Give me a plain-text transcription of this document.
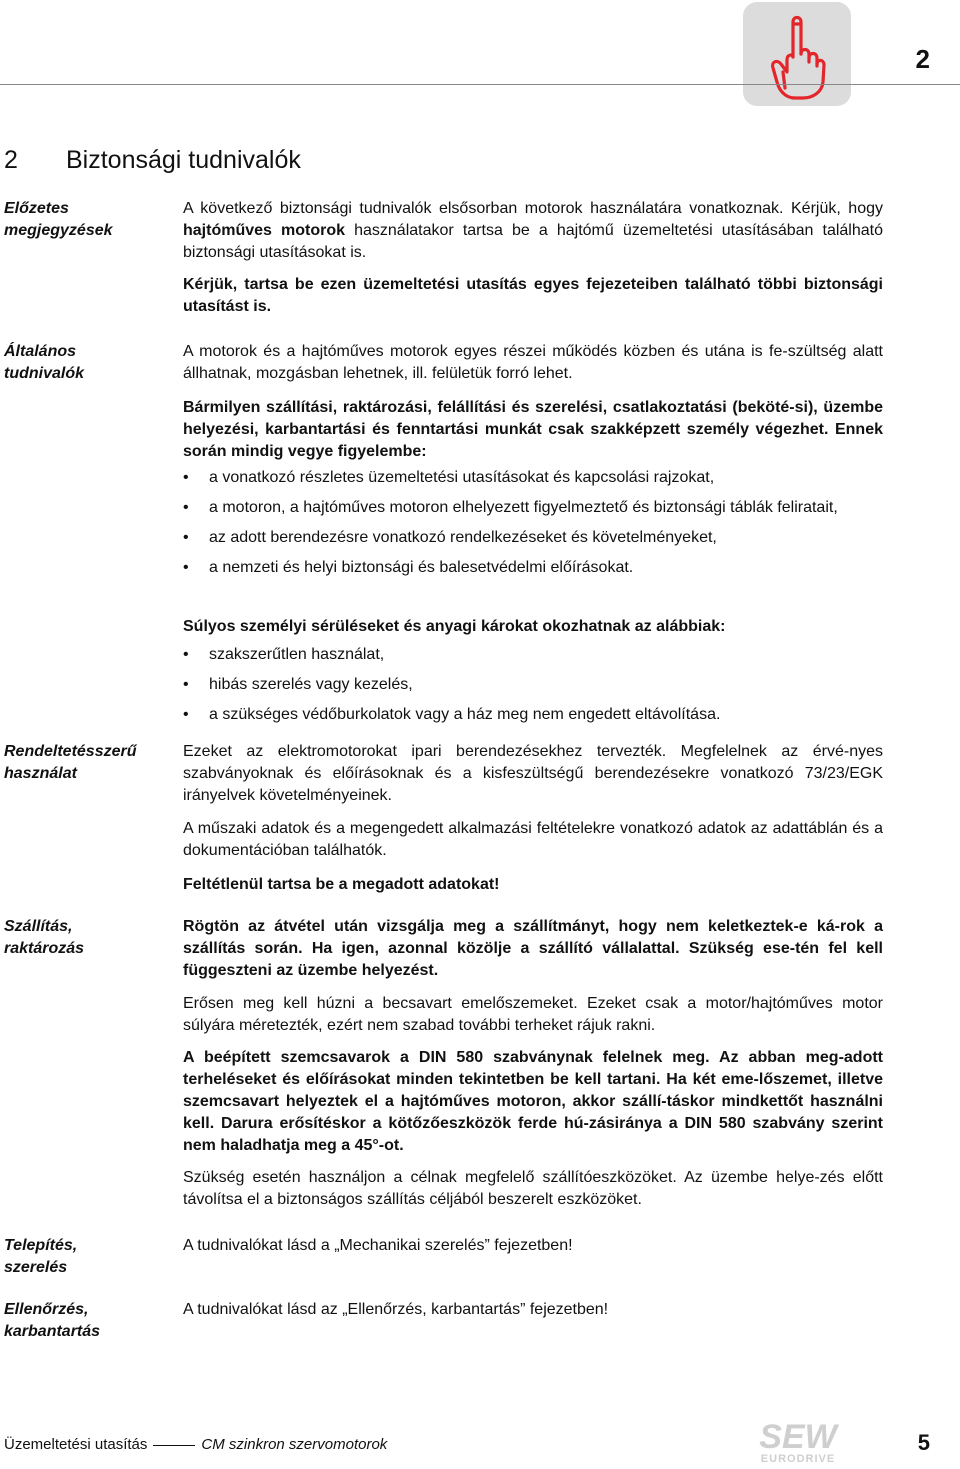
2
2 Biztonsági tudnivalók
Előzetes megjegyzések
A következő biztonsági tudnivalók elsősorban motorok használatára vonatkoznak. Kérjük, hogy hajtóműves motorok használatakor tartsa be a hajtómű üzemeltetési utasításában található biztonsági utasításokat is.
Kérjük, tartsa be ezen üzemeltetési utasítás egyes fejezeteiben található többi biztonsági utasítást is.
Általános tudnivalók
A motorok és a hajtóműves motorok egyes részei működés közben és utána is fe-szültség alatt állhatnak, mozgásban lehetnek, ill. felületük forró lehet.
Bármilyen szállítási, raktározási, felállítási és szerelési, csatlakoztatási (beköté-si), üzembe helyezési, karbantartási és fenntartási munkát csak szakképzett személy végezhet. Ennek során mindig vegye figyelembe:
• a vonatkozó részletes üzemeltetési utasításokat és kapcsolási rajzokat,
• a motoron, a hajtóműves motoron elhelyezett figyelmeztető és biztonsági táblák feliratait,
• az adott berendezésre vonatkozó rendelkezéseket és követelményeket,
• a nemzeti és helyi biztonsági és balesetvédelmi előírásokat.
Súlyos személyi sérüléseket és anyagi károkat okozhatnak az alábbiak:
• szakszerűtlen használat,
• hibás szerelés vagy kezelés,
• a szükséges védőburkolatok vagy a ház meg nem engedett eltávolítása.
Rendeltetésszerű használat
Ezeket az elektromotorokat ipari berendezésekhez tervezték. Megfelelnek az érvé-nyes szabványoknak és előírásoknak és a kisfeszültségű berendezésekre vonatkozó 73/23/EGK irányelvek követelményeinek.
A műszaki adatok és a megengedett alkalmazási feltételekre vonatkozó adatok az adattáblán és a dokumentációban találhatók.
Feltétlenül tartsa be a megadott adatokat!
Szállítás, raktározás
Rögtön az átvétel után vizsgálja meg a szállítmányt, hogy nem keletkeztek-e ká-rok a szállítás során. Ha igen, azonnal közölje a szállító vállalattal. Szükség ese-tén fel kell függeszteni az üzembe helyezést.
Erősen meg kell húzni a becsavart emelőszemeket. Ezeket csak a motor/hajtóműves motor súlyára méretezték, ezért nem szabad további terheket rájuk rakni.
A beépített szemcsavarok a DIN 580 szabványnak felelnek meg. Az abban meg-adott terheléseket és előírásokat minden tekintetben be kell tartani. Ha két eme-lőszemet, illetve szemcsavart helyeztek el a hajtóműves motoron, akkor szállí-táskor mindkettőt használni kell. Darura erősítéskor a kötőzőeszközök ferde hú-zásiránya a DIN 580 szabvány szerint nem haladhatja meg a 45°-ot.
Szükség esetén használjon a célnak megfelelő szállítóeszközöket. Az üzembe helye-zés előtt távolítsa el a biztonságos szállítás céljából beszerelt eszközöket.
Telepítés, szerelés
A tudnivalókat lásd a „Mechanikai szerelés” fejezetben!
Ellenőrzés, karbantartás
A tudnivalókat lásd az „Ellenőrzés, karbantartás” fejezetben!
Üzemeltetési utasítás	CM szinkron szervomotorok	SEW
EURODRIVE
5
